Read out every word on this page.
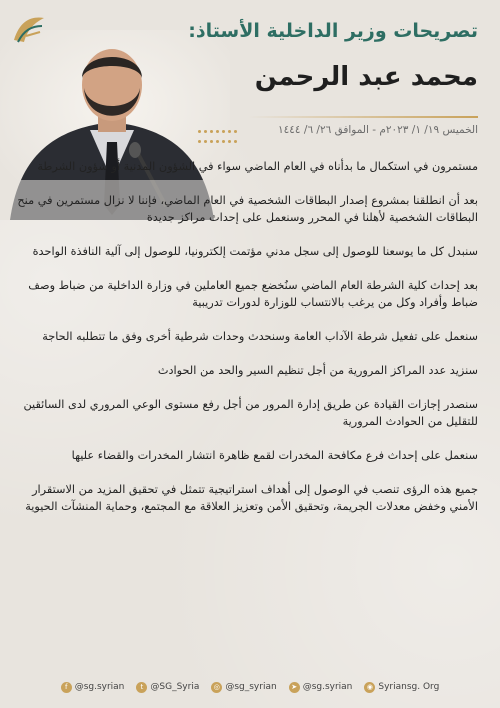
تصريحات وزير الداخلية الأستاذ:
محمد عبد الرحمن
الخميس ١٩/ ١/ ٢٠٢٣م - الموافق ٢٦/ ٦/ ١٤٤٤

مستمرون في استكمال ما بدأناه في العام الماضي سواء في الشؤون المدنية أو شؤون الشرطة

بعد أن انطلقنا بمشروع إصدار البطاقات الشخصية في العام الماضي، فإننا لا نزال مستمرين في منح البطاقات الشخصية لأهلنا في المحرر وسنعمل على إحداث مراكز جديدة

سنبدل كل ما يوسعنا للوصول إلى سجل مدني مؤتمت إلكترونيا، للوصول إلى آلية النافذة الواحدة

بعد إحداث كلية الشرطة العام الماضي سنُخضع جميع العاملين في وزارة الداخلية من ضباط وصف ضباط وأفراد وكل من يرغب بالانتساب للوزارة لدورات تدريبية

سنعمل على تفعيل شرطة الآداب العامة وسنحدث وحدات شرطية أخرى وفق ما تتطلبه الحاجة

سنزيد عدد المراكز المرورية من أجل تنظيم السير والحد من الحوادث

سنصدر إجازات القيادة عن طريق إدارة المرور من أجل رفع مستوى الوعي المروري لدى السائقين للتقليل من الحوادث المرورية

سنعمل على إحداث فرع مكافحة المخدرات لقمع ظاهرة انتشار المخدرات والقضاء عليها

جميع هذه الرؤى تنصب في الوصول إلى أهداف استراتيجية تتمثل في تحقيق المزيد من الاستقرار الأمني وخفض معدلات الجريمة، وتحقيق الأمن وتعزيز العلاقة مع المجتمع، وحماية المنشآت الحيوية

f @sg.syrian	t @SG_Syria	◎ @sg_syrian	➤ @sg.syrian	◉ Syriansg. Org
